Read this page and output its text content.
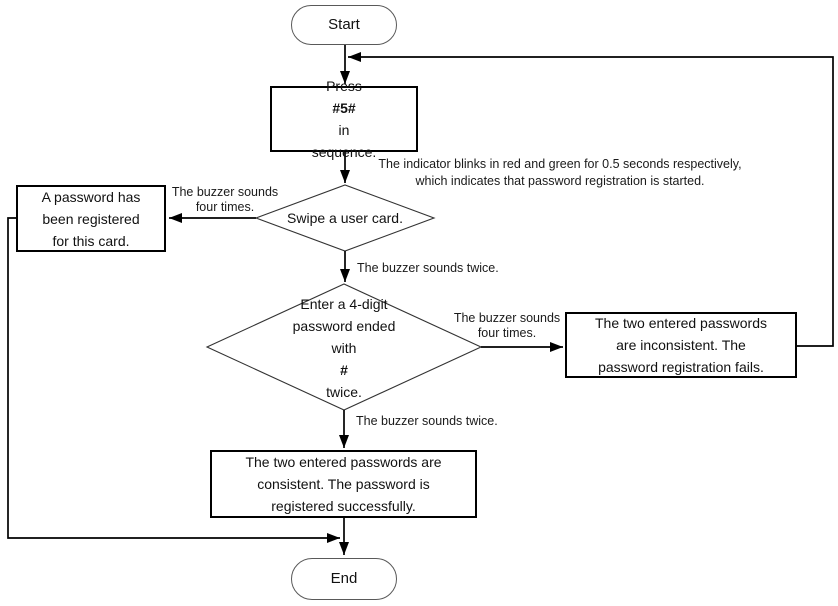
Start
Press
#5#
in
sequence.
Swipe a user card.
Enter a 4-digit
password ended
with
#
twice.
A password has
been registered
for this card.
The two entered passwords
are inconsistent. The
password registration fails.
The two entered passwords are
consistent. The password is
registered successfully.
End
The indicator blinks in red and green for 0.5 seconds respectively,
which indicates that password registration is started.
The buzzer sounds
four times.
The buzzer sounds twice.
The buzzer sounds
four times.
The buzzer sounds twice.
